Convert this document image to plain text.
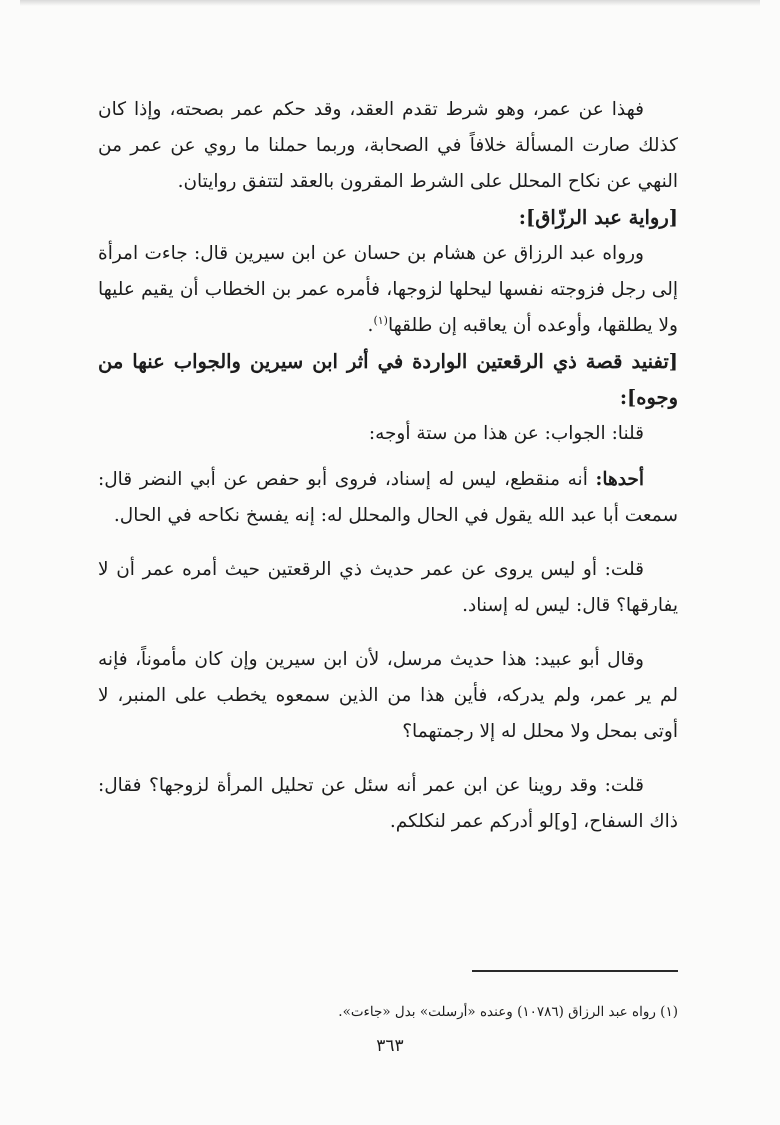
فهذا عن عمر، وهو شرط تقدم العقد، وقد حكم عمر بصحته، وإذا كان كذلك صارت المسألة خلافاً في الصحابة، وربما حملنا ما روي عن عمر من النهي عن نكاح المحلل على الشرط المقرون بالعقد لتتفق روايتان.

[رواية عبد الرزّاق]:

ورواه عبد الرزاق عن هشام بن حسان عن ابن سيرين قال: جاءت امرأة إلى رجل فزوجته نفسها ليحلها لزوجها، فأمره عمر بن الخطاب أن يقيم عليها ولا يطلقها، وأوعده أن يعاقبه إن طلقها$^{(١)}$.

[تفنيد قصة ذي الرقعتين الواردة في أثر ابن سيرين والجواب عنها من وجوه]:

قلنا: الجواب: عن هذا من ستة أوجه:

أحدها: أنه منقطع، ليس له إسناد، فروى أبو حفص عن أبي النضر قال: سمعت أبا عبد الله يقول في الحال والمحلل له: إنه يفسخ نكاحه في الحال.

قلت: أو ليس يروى عن عمر حديث ذي الرقعتين حيث أمره عمر أن لا يفارقها؟ قال: ليس له إسناد.

وقال أبو عبيد: هذا حديث مرسل، لأن ابن سيرين وإن كان مأموناً، فإنه لم ير عمر، ولم يدركه، فأين هذا من الذين سمعوه يخطب على المنبر، لا أوتى بمحل ولا محلل له إلا رجمتهما؟

قلت: وقد روينا عن ابن عمر أنه سئل عن تحليل المرأة لزوجها؟ فقال: ذاك السفاح، [و]لو أدركم عمر لنكلكم.

(١) رواه عبد الرزاق (١٠٧٨٦) وعنده «أرسلت» بدل «جاءت».

٣٦٣
